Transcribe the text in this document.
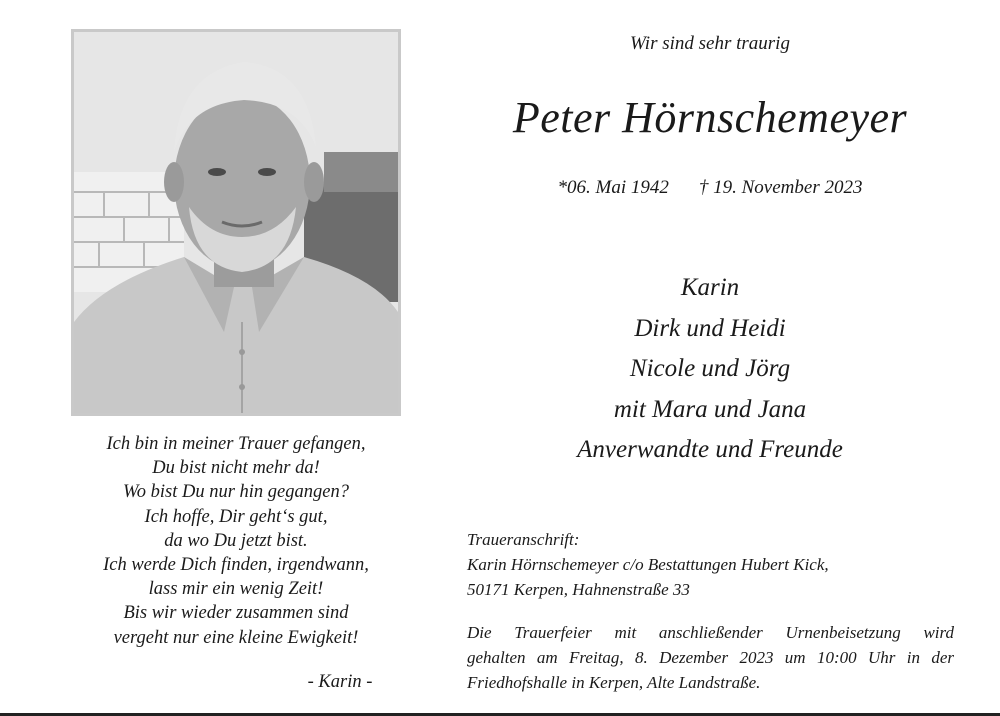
Ich bin in meiner Trauer gefangen,
Du bist nicht mehr da!
Wo bist Du nur hin gegangen?
Ich hoffe, Dir geht‘s gut,
da wo Du jetzt bist.
Ich werde Dich finden, irgendwann,
lass mir ein wenig Zeit!
Bis wir wieder zusammen sind
vergeht nur eine kleine Ewigkeit!
- Karin -
Wir sind sehr traurig
Peter Hörnschemeyer
*06. Mai 1942 † 19. November 2023
Karin
Dirk und Heidi
Nicole und Jörg
mit Mara und Jana
Anverwandte und Freunde
Traueranschrift:
Karin Hörnschemeyer c/o Bestattungen Hubert Kick,
50171 Kerpen, Hahnenstraße 33
Die Trauerfeier mit anschließender Urnenbeisetzung wird
gehalten am Freitag, 8. Dezember 2023 um 10:00 Uhr in der
Friedhofshalle in Kerpen, Alte Landstraße.
